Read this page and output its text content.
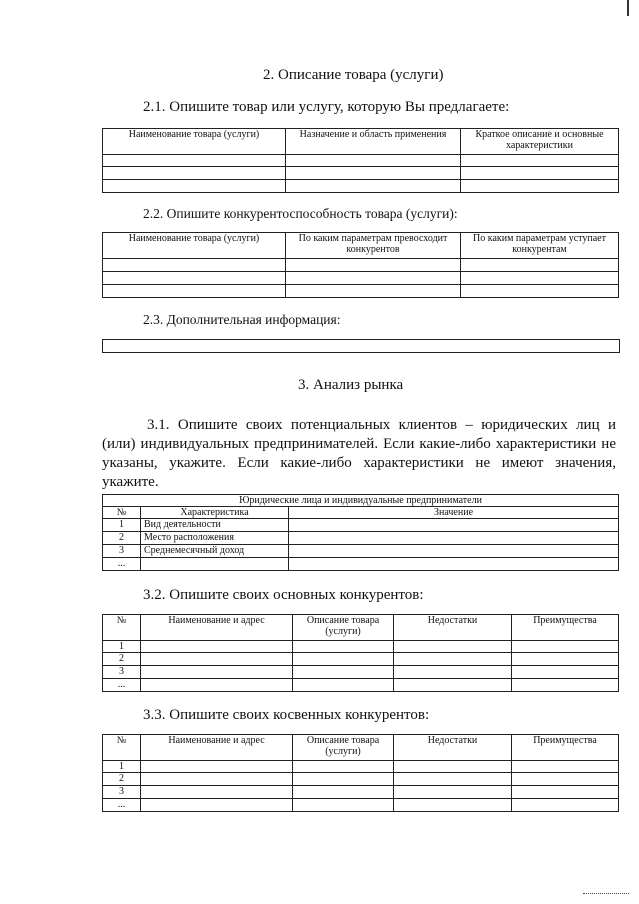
2. Описание товара (услуги)
2.1. Опишите товар или услугу, которую Вы предлагаете:
Наименование товара (услуги)	Назначение и область применения	Краткое описание и основные характеристики

2.2. Опишите конкурентоспособность товара (услуги):
Наименование товара (услуги)	По каким параметрам превосходит конкурентов	По каким параметрам уступает конкурентам

2.3. Дополнительная информация:
3. Анализ рынка
3.1. Опишите своих потенциальных клиентов – юридических лиц и (или) индивидуальных предпринимателей. Если какие-либо характеристики не указаны, укажите. Если какие-либо характеристики не имеют значения, укажите.
Юридические лица и индивидуальные предприниматели		
№	Характеристика	Значение
1	Вид деятельности	
2	Место расположения	
3	Среднемесячный доход	
...		
3.2. Опишите своих основных конкурентов:
№	Наименование и адрес	Описание товара (услуги)	Недостатки	Преимущества
1				
2				
3				
...				
3.3. Опишите своих косвенных конкурентов:
№	Наименование и адрес	Описание товара (услуги)	Недостатки	Преимущества
1				
2				
3				
...				
